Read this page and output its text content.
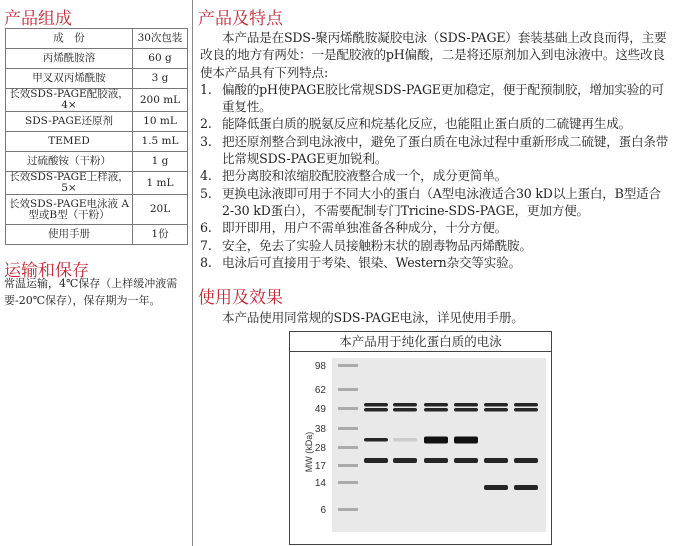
产品组成
成　份	30次包装
丙烯酰胺溶	60 g
甲叉双丙烯酰胺	3 g
长效SDS-PAGE配胶液，4×	200 mL
SDS-PAGE还原剂	10 mL
TEMED	1.5 mL
过硫酸铵（干粉）	1 g
长效SDS-PAGE上样液，5×	1 mL
长效SDS-PAGE电泳液 A型或B型（干粉）	20L
使用手册	1份
运输和保存
常温运输，4℃保存（上样缓冲液需要-20℃保存），保存期为一年。
产品及特点

本产品是在SDS-聚丙烯酰胺凝胶电泳（SDS-PAGE）套装基础上改良而得，主要改良的地方有两处：一是配胶液的pH偏酸，二是将还原剂加入到电泳液中。这些改良使本产品具有下列特点:

1. 偏酸的pH使PAGE胶比常规SDS-PAGE更加稳定，便于配预制胶，增加实验的可重复性。
2. 能降低蛋白质的脱氨反应和烷基化反应，也能阻止蛋白质的二硫键再生成。
3. 把还原剂整合到电泳液中，避免了蛋白质在电泳过程中重新形成二硫键，蛋白条带比常规SDS-PAGE更加锐利。
4. 把分离胶和浓缩胶配胶液整合成一个，成分更简单。
5. 更换电泳液即可用于不同大小的蛋白（A型电泳液适合30 kD以上蛋白，B型适合2-30 kD蛋白），不需要配制专门Tricine-SDS-PAGE，更加方便。
6. 即开即用，用户不需单独准备各种成分，十分方便。
7. 安全，免去了实验人员接触粉末状的剧毒物品丙烯酰胺。
8. 电泳后可直接用于考染、银染、Western杂交等实验。
使用及效果

本产品使用同常规的SDS-PAGE电泳，详见使用手册。

本产品用于纯化蛋白质的电泳
98
62
49
38
28
17
14
6
MW (kDa)
